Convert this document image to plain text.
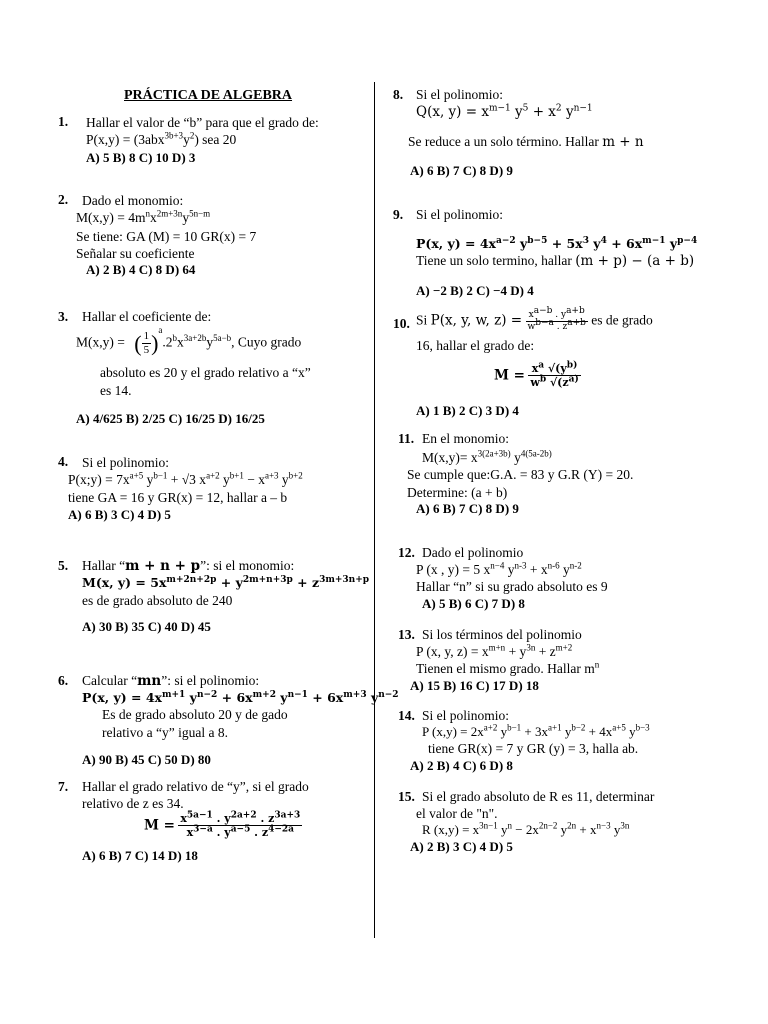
PRÁCTICA DE ALGEBRA
1. Hallar el valor de “b” para que el grado de:
$P(x,y) = (3abx^{3b+3}y^2)$ sea 20
A) 5 B) 8 C) 10 D) 3
2. Dado el monomio:
$M(x,y) = 4m^nx^{2m+3n}y^{5n-m}$
Se tiene: GA (M) = 10 GR(x) = 7
Señalar su coeficiente
A) 2 B) 4 C) 8 D) 64
3. Hallar el coeficiente de:
M(x,y) = ( $\frac{1}{5} )^a.2^bx^{3a+2b}y^{5a-b}$, Cuyo grado
absoluto es 20 y el grado relativo a “x”
es 14.
A) 4/625 B) 2/25 C) 16/25 D) 16/25
4. Si el polinomio:
P(x;y) = $7x^{a+5}$ $y^{b-1} + √3$ $x^{a+2}$ $y^{b+1} - x^{a+3}$ $y^{b+2}$
tiene GA = 16 y GR(x) = 12, hallar a – b
A) 6 B) 3 C) 4 D) 5
5. Hallar “m + n + p”: si el monomio:
M(x, $y) = 5x^{m+2n+2p} + y^{2m+n+3p} + z^{3m+3n+p}$
es de grado absoluto de 240
A) 30 B) 35 C) 40 D) 45
6. Calcular “mn”: si el polinomio:
P(x, $y) = 4x^{m+1}$ $y^{n-2} + 6x^{m+2}$ $y^{n-1} + 6x^{m+3}$ $y^{n-2}$
Es de grado absoluto 20 y de gado
relativo a “y” igual a 8.
A) 90 B) 45 C) 50 D) 80
7. Hallar el grado relativo de “y”, si el grado
relativo de z es 34.
$M = \frac{x^{5a-1} . y^{2a+2} . z^{3a+3}}{x^{3-a} . y^{a-5} . z^{4-2a}}$
A) 6 B) 7 C) 14 D) 18
8. Si el polinomio:
Q(x, $y) = x^{m-1}$ $y^5 + x^2$ $y^{n-1}$
Se reduce a un solo término. Hallar m + n
A) 6 B) 7 C) 8 D) 9
9. Si el polinomio:
P(x, $y) = 4x^{a-2}$ $y^{b-5} + 5x^3$ $y^4 + 6x^{m-1}$ $y^{p-4}$
Tiene un solo termino, hallar (m + p) − (a + b)
A) −2 B) 2 C) −4 D) 4
10. Si P(x, y, w, $z) = \frac{x^{a-b} . y^{a+b}}{w^{b-a} . z^{a+b}}$ es de grado
16, hallar el grado de:
$M = \frac{x^a √(y^{b)}}{w^b √(z^{a)}}$
A) 1 B) 2 C) 3 D) 4
11. En el monomio:
$M(x,y)= x^{3(2a+3b)}$ $y^{4(5a-2b)}$
Se cumple que:G.A. = 83 y G.R (Y) = 20.
Determine: (a + b)
A) 6 B) 7 C) 8 D) 9
12. Dado el polinomio
P (x , y) = 5 $x^{n-4}$ $y^{n-3} + x^{n-6}$ $y^{n-2}$
Hallar “n” si su grado absoluto es 9
A) 5 B) 6 C) 7 D) 8
13. Si los términos del polinomio
P (x, y, $z) = x^{m+n} + y^{3n} + z^{m+2}$
Tienen el mismo grado. Hallar $m^n$
A) 15 B) 16 C) 17 D) 18
14. Si el polinomio:
P $(x,y) = 2x^{a+2}$ $y^{b-1} + 3x^{a+1}$ $y^{b-2} + 4x^{a+5}$ $y^{b-3}$
tiene GR(x) = 7 y GR (y) = 3, halla ab.
A) 2 B) 4 C) 6 D) 8
15. Si el grado absoluto de R es 11, determinar
el valor de "n".
R $(x,y) = x^{3n-1}$ $y^n - 2x^{2n-2}$ $y^{2n} + x^{n-3}$ $y^{3n}$
A) 2 B) 3 C) 4 D) 5
